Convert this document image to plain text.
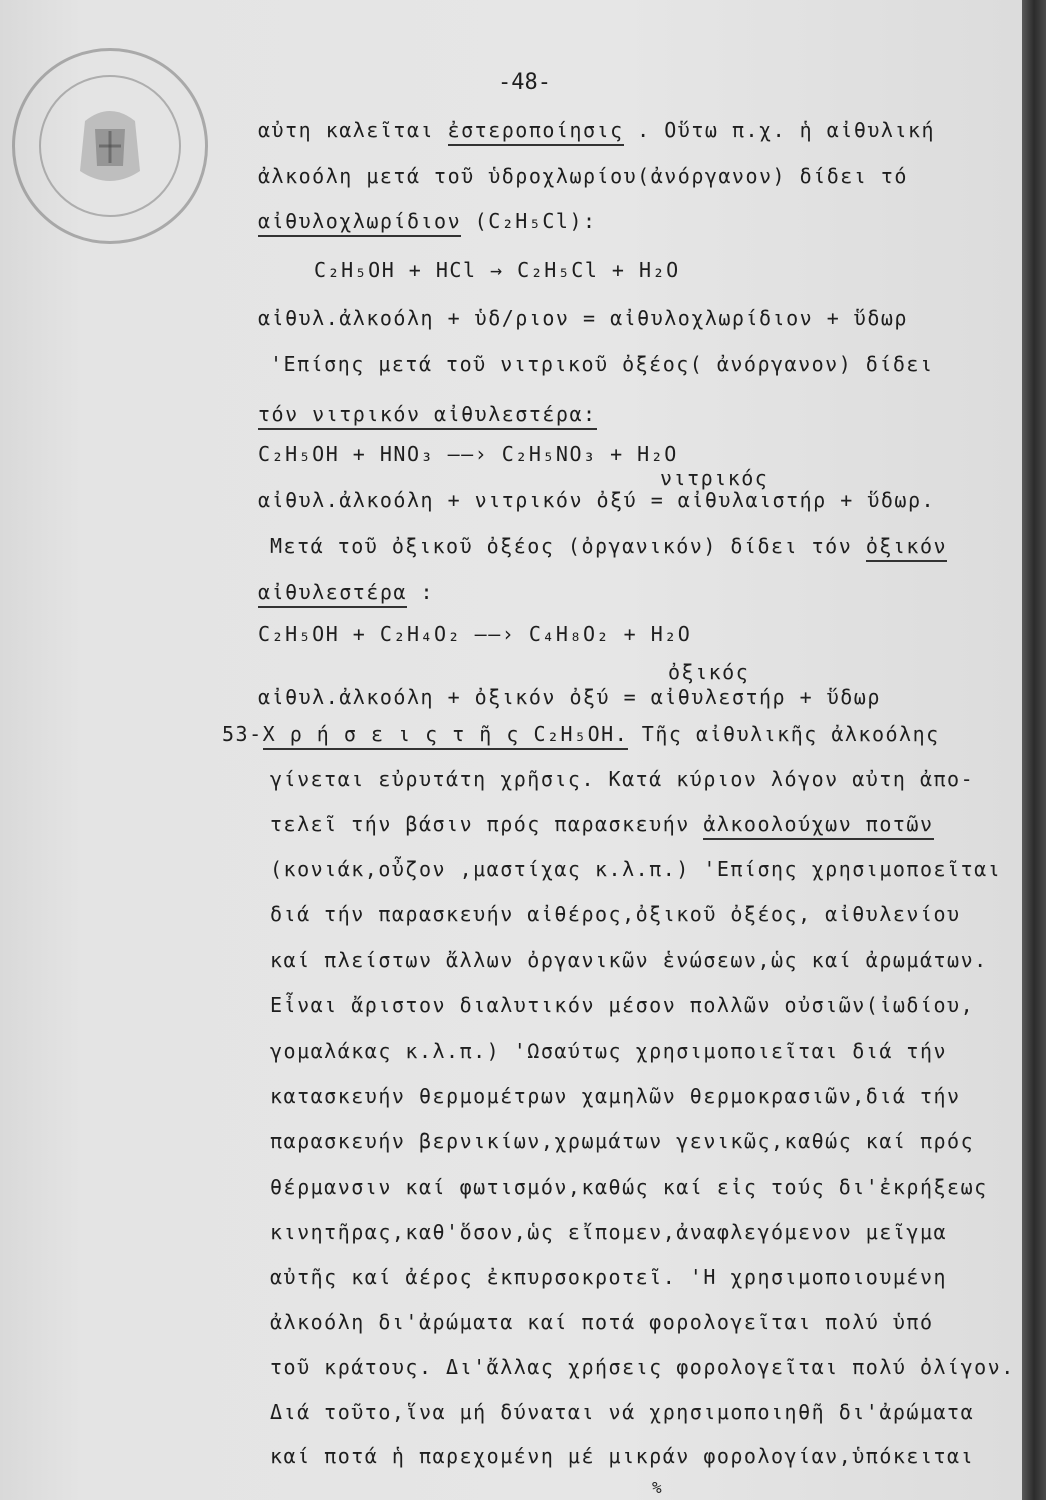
-48-
αὐτη καλεῖται ἐστεροποίησις . Οὕτω π.χ. ἡ αἰθυλική
ἀλκοόλη μετά τοῦ ὑδροχλωρίου(ἀνόργανον) δίδει τό
αἰθυλοχλωρίδιον (C₂H₅Cl):
C₂H₅OH + HCl → C₂H₅Cl + H₂O
αἰθυλ.ἀλκοόλη + ὑδ/ριον = αἰθυλοχλωρίδιον + ὕδωρ
'Επίσης μετά τοῦ νιτρικοῦ ὀξέος( ἀνόργανον) δίδει
τόν νιτρικόν αἰθυλεστέρα:
C₂H₅OH + HNO₃ ——› C₂H₅NO₃ + H₂O
νιτρικός
αἰθυλ.ἀλκοόλη + νιτρικόν ὀξύ = αἰθυλαιστήρ + ὕδωρ.
Μετά τοῦ ὀξικοῦ ὀξέος (ὀργανικόν) δίδει τόν ὀξικόν
αἰθυλεστέρα :
C₂H₅OH + C₂H₄O₂ ——› C₄H₈O₂ + H₂O
ὀξικός
αἰθυλ.ἀλκοόλη + ὀξικόν ὀξύ = αἰθυλεστήρ + ὕδωρ
53-Χ ρ ή σ ε ι ς τ ῆ ς C₂H₅OH. Τῆς αἰθυλικῆς ἀλκοόλης
γίνεται εὐρυτάτη χρῆσις. Κατά κύριον λόγον αὐτη ἀπο-
τελεῖ τήν βάσιν πρός παρασκευήν ἀλκοολούχων ποτῶν
(κονιάκ,οὖζον ,μαστίχας κ.λ.π.) 'Επίσης χρησιμοποεῖται
διά τήν παρασκευήν αἰθέρος,ὀξικοῦ ὀξέος, αἰθυλενίου
καί πλείστων ἄλλων ὀργανικῶν ἑνώσεων,ὡς καί ἀρωμάτων.
Εἶναι ἄριστον διαλυτικόν μέσον πολλῶν οὐσιῶν(ἰωδίου,
γομαλάκας κ.λ.π.) 'Ωσαύτως χρησιμοποιεῖται διά τήν
κατασκευήν θερμομέτρων χαμηλῶν θερμοκρασιῶν,διά τήν
παρασκευήν βερνικίων,χρωμάτων γενικῶς,καθώς καί πρός
θέρμανσιν καί φωτισμόν,καθώς καί εἰς τούς δι'ἐκρήξεως
κινητῆρας,καθ'ὅσον,ὡς εἴπομεν,ἀναφλεγόμενον μεῖγμα
αὐτῆς καί ἀέρος ἐκπυρσοκροτεῖ. 'Η χρησιμοποιουμένη
ἀλκοόλη δι'ἀρώματα καί ποτά φορολογεῖται πολύ ὑπό
τοῦ κράτους. Δι'ἄλλας χρήσεις φορολογεῖται πολύ ὀλίγον.
Διά τοῦτο,ἵνα μή δύναται νά χρησιμοποιηθῆ δι'ἀρώματα
καί ποτά ἡ παρεχομένη μέ μικράν φορολογίαν,ὑπόκειται
%
